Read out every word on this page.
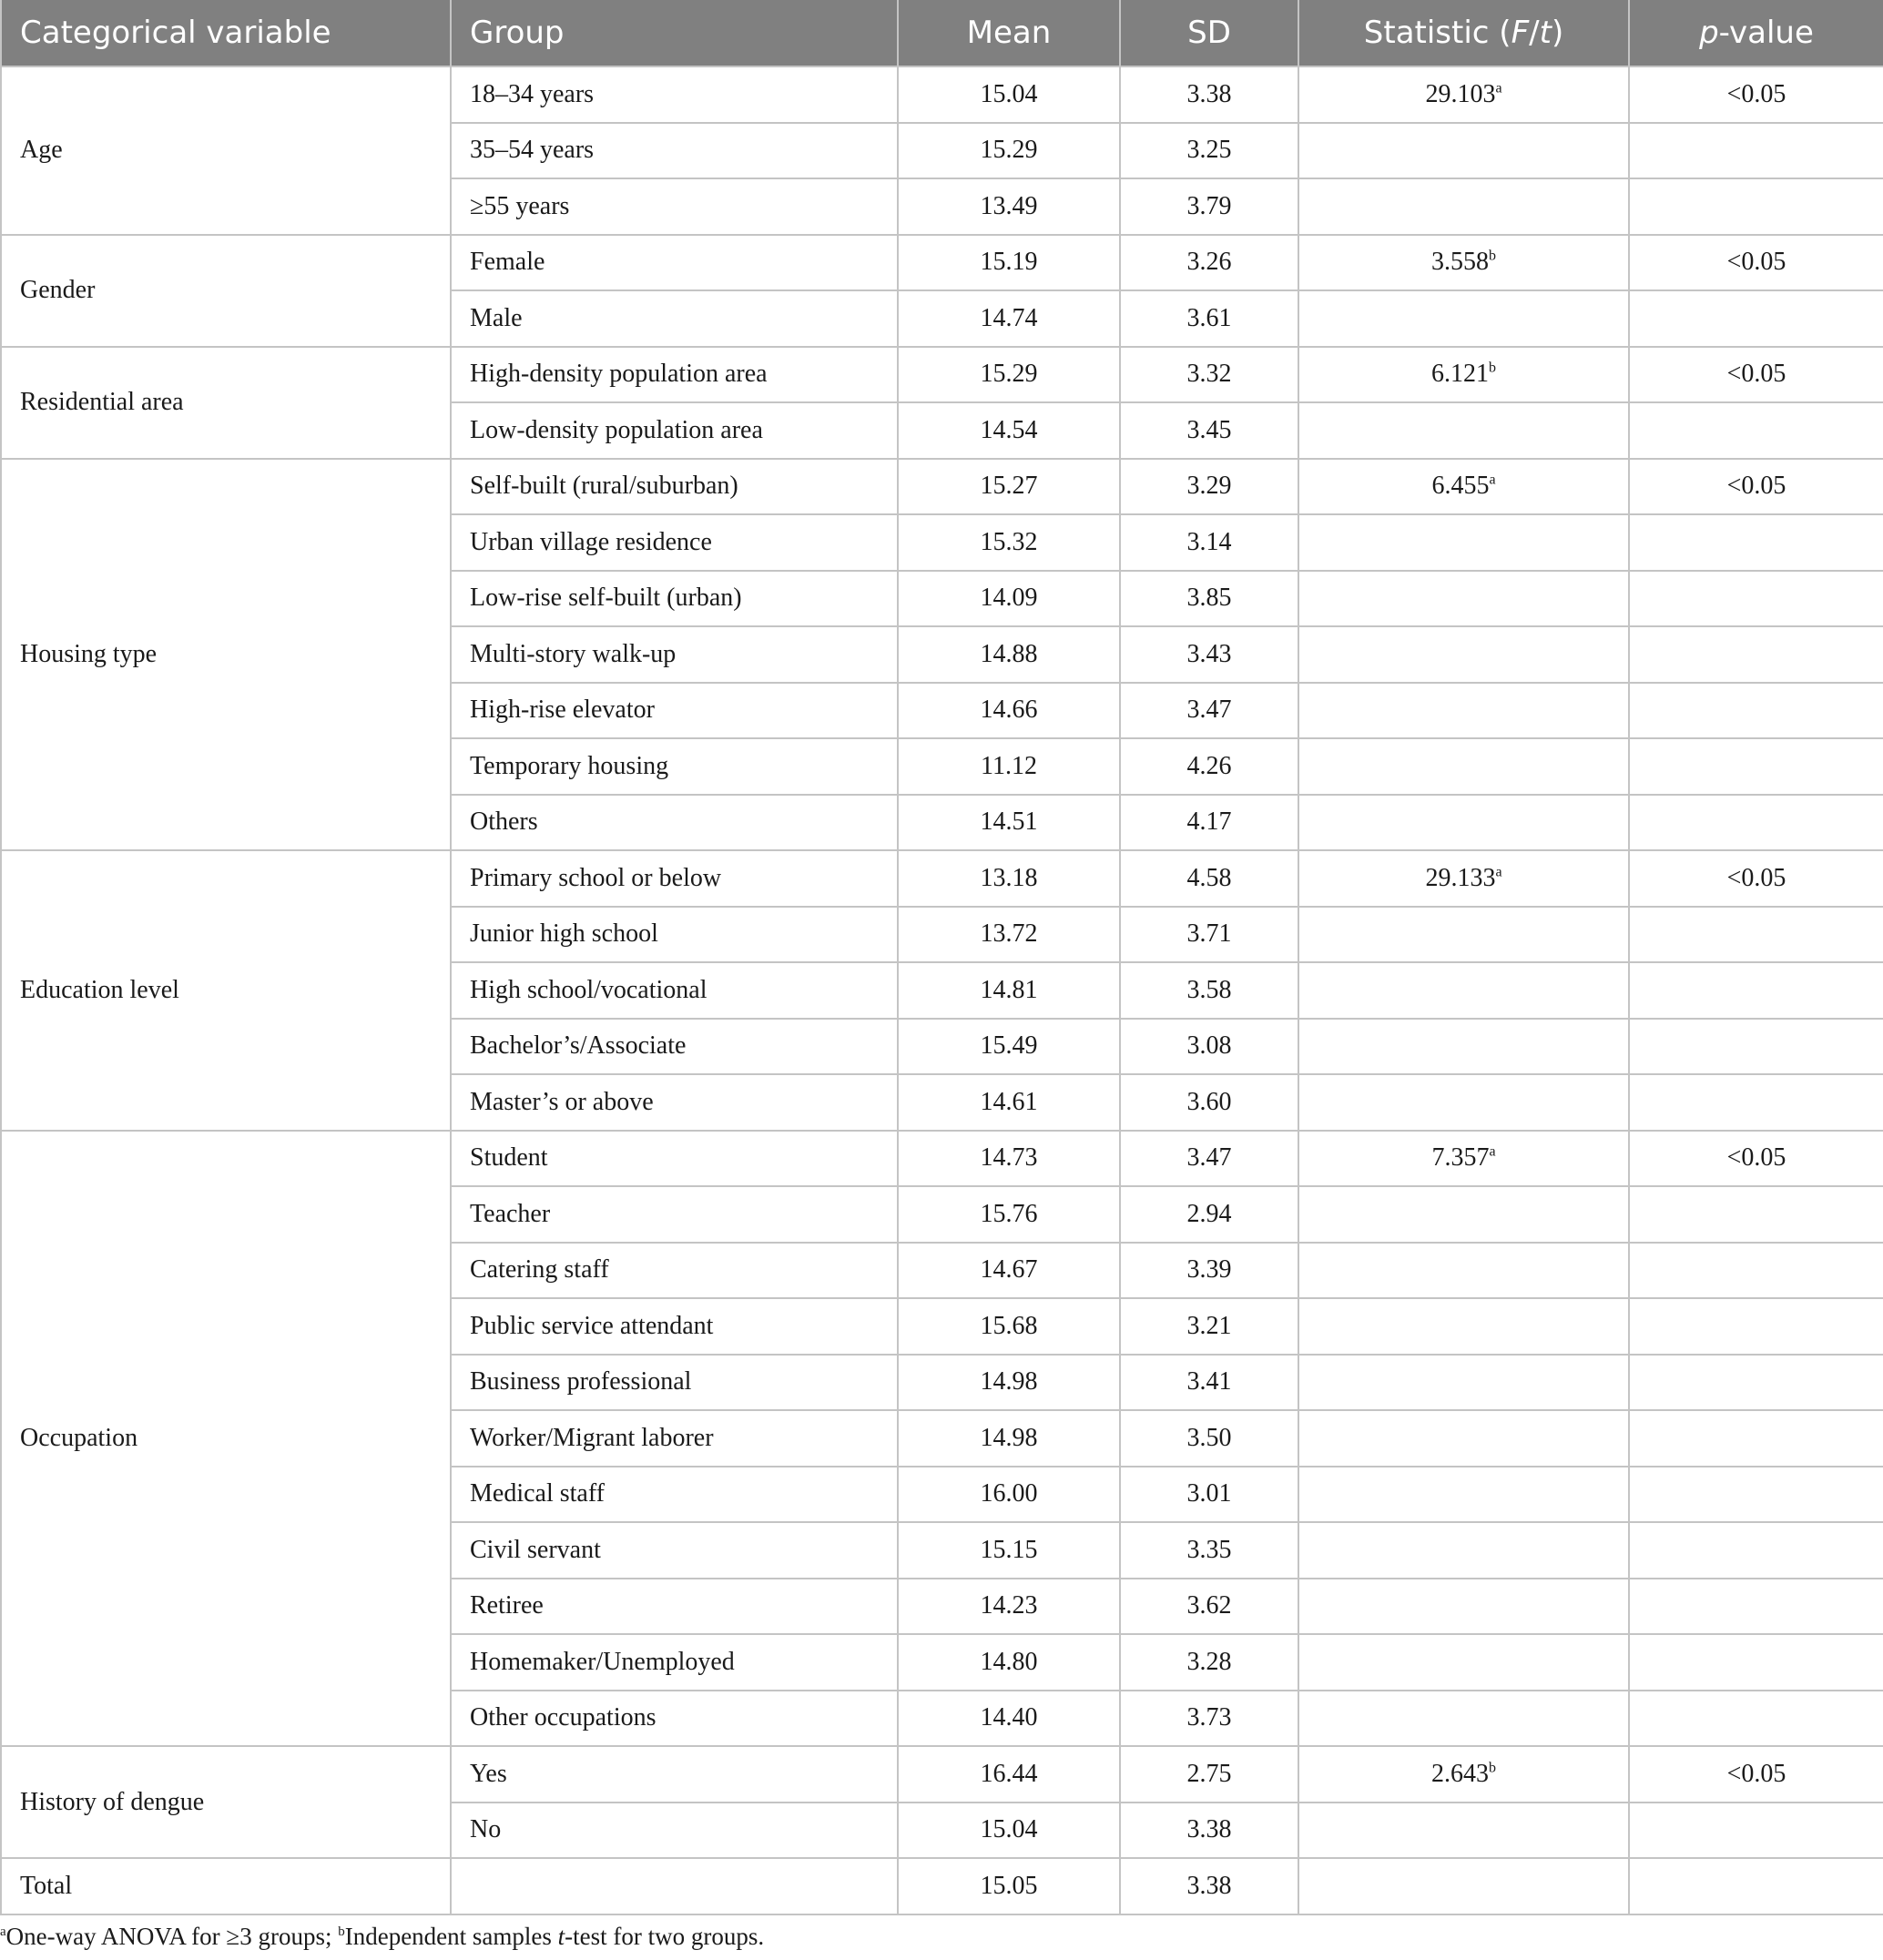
Categorical variable	Group	Mean	SD	Statistic (F/t)	p-value
Age	18–34 years	15.04	3.38	29.103$^a$	<0.05
	35–54 years	15.29	3.25		
	≥55 years	13.49	3.79		
Gender	Female	15.19	3.26	3.558$^b$	<0.05
	Male	14.74	3.61		
Residential area	High-density population area	15.29	3.32	6.121$^b$	<0.05
	Low-density population area	14.54	3.45		
Housing type	Self-built (rural/suburban)	15.27	3.29	6.455$^a$	<0.05
	Urban village residence	15.32	3.14		
	Low-rise self-built (urban)	14.09	3.85		
	Multi-story walk-up	14.88	3.43		
	High-rise elevator	14.66	3.47		
	Temporary housing	11.12	4.26		
	Others	14.51	4.17		
Education level	Primary school or below	13.18	4.58	29.133$^a$	<0.05
	Junior high school	13.72	3.71		
	High school/vocational	14.81	3.58		
	Bachelor’s/Associate	15.49	3.08		
	Master’s or above	14.61	3.60		
Occupation	Student	14.73	3.47	7.357$^a$	<0.05
	Teacher	15.76	2.94		
	Catering staff	14.67	3.39		
	Public service attendant	15.68	3.21		
	Business professional	14.98	3.41		
	Worker/Migrant laborer	14.98	3.50		
	Medical staff	16.00	3.01		
	Civil servant	15.15	3.35		
	Retiree	14.23	3.62		
	Homemaker/Unemployed	14.80	3.28		
	Other occupations	14.40	3.73		
History of dengue	Yes	16.44	2.75	2.643$^b$	<0.05
	No	15.04	3.38		
Total		15.05	3.38		
$^a$One-way ANOVA for ≥3 groups; $^b$Independent samples t-test for two groups.
